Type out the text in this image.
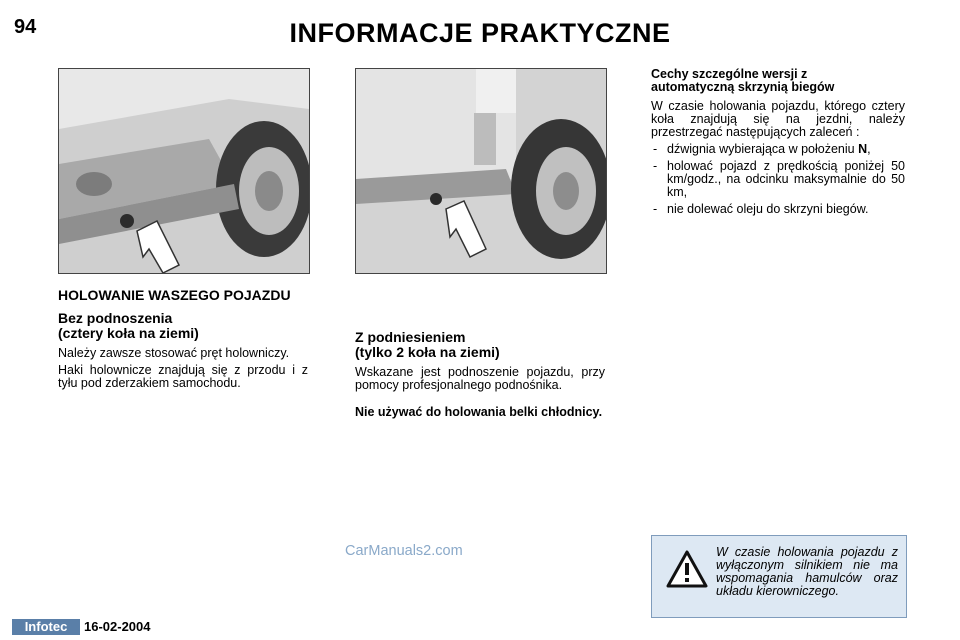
94	INFORMACJE PRAKTYCZNE
HOLOWANIE WASZEGO POJAZDU
Bez podnoszenia
(cztery koła na ziemi)

Należy zawsze stosować pręt holowniczy.

Haki holownicze znajdują się z przodu i z tyłu pod zderzakiem samochodu.

Z podniesieniem
(tylko 2 koła na ziemi)

Wskazane jest podnoszenie pojazdu, przy pomocy profesjonalnego podnośnika.

Nie używać do holowania belki chłodnicy.

Cechy szczególne wersji z
automatyczną skrzynią biegów

W czasie holowania pojazdu, którego cztery koła znajdują się na jezdni, należy przestrzegać następujących zaleceń :

- dźwignia wybierająca w położeniu N,
- holować pojazd z prędkością poniżej 50 km/godz., na odcinku maksymalnie do 50 km,
- nie dolewać oleju do skrzyni biegów.
CarManuals2.com	W czasie holowania pojazdu z wyłączonym silnikiem nie ma wspomagania hamulców oraz układu kierowniczego.
Infotec	16-02-2004
